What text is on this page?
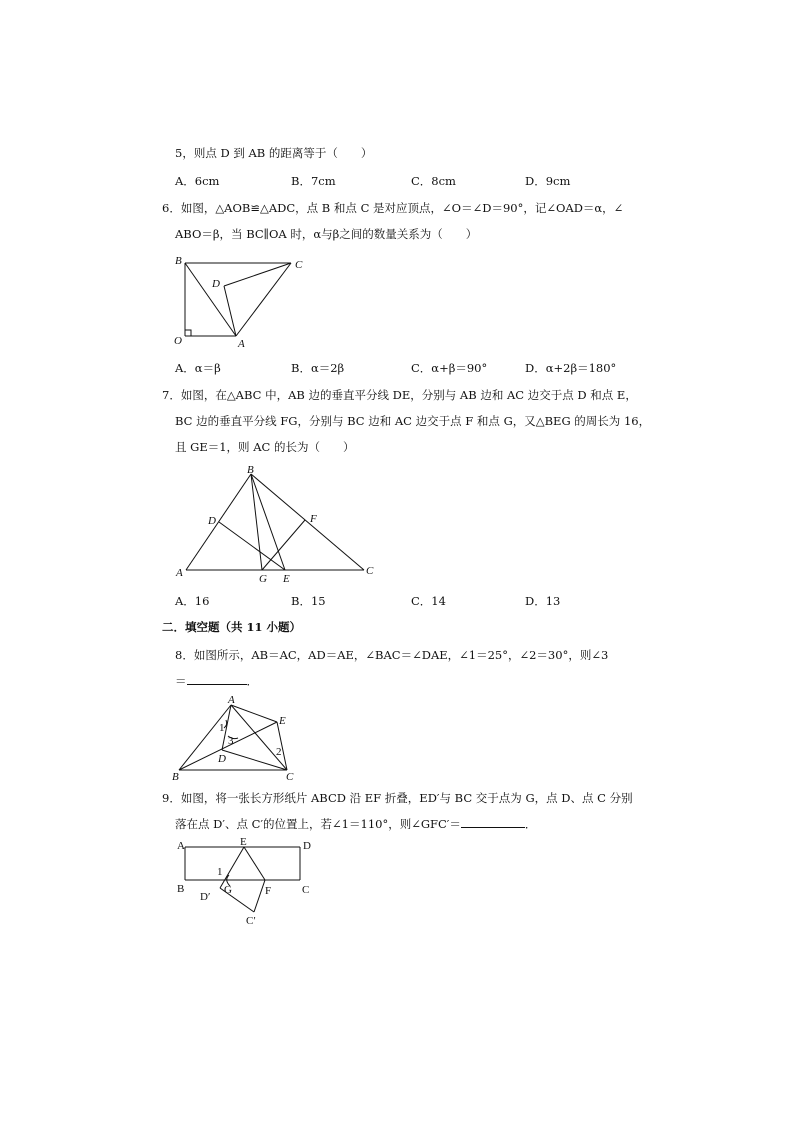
5，则点 D 到 AB 的距离等于（　　）
A．6cm	B．7cm	C．8cm	D．9cm
6．如图，△AOB≌△ADC，点 B 和点 C 是对应顶点，∠O＝∠D＝90°，记∠OAD＝α，∠
ABO＝β，当 BC∥OA 时，α与β之间的数量关系为（　　）
B	C
D
O	A
A．α＝β	B．α＝2β	C．α+β＝90°	D．α+2β＝180°
7．如图，在△ABC 中，AB 边的垂直平分线 DE，分别与 AB 边和 AC 边交于点 D 和点 E，
BC 边的垂直平分线 FG，分别与 BC 边和 AC 边交于点 F 和点 G，又△BEG 的周长为 16，
且 GE＝1，则 AC 的长为（　　）
B
D	F
A	G E
C
A．16	B．15	C．14	D．13
二．填空题（共 11 小题）
8．如图所示，AB＝AC，AD＝AE，∠BAC＝∠DAE，∠1＝25°，∠2＝30°，则∠3
＝	．
A
E
B	C
D
1
2
3
9．如图，将一张长方形纸片 ABCD 沿 EF 折叠，ED′与 BC 交于点为 G，点 D、点 C 分别
落在点 D′、点 C′的位置上，若∠1＝110°，则∠GFC′＝	．
A	E	D
B	C
D′
G	F
C′
1
